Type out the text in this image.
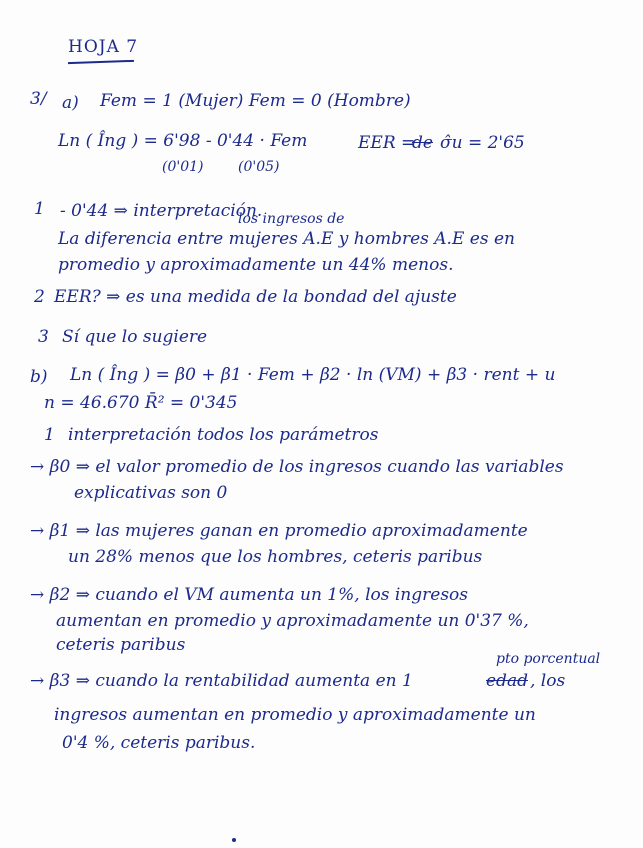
HOJA 7
3/ a) Fem = 1 (Mujer) Fem = 0 (Hombre)
Ln ( Îng ) = 6'98 - 0'44 · Fem
(0'01) (0'05)
EER =
de σ̂u = 2'65
1 - 0'44 ⇒ interpretación.
los ingresos de
La diferencia entre mujeres A.E y hombres A.E es en
promedio y aproximadamente un 44% menos.
2 EER? ⇒ es una medida de la bondad del ajuste
3 Sí que lo sugiere
b) Ln ( Îng ) = β0 + β1 · Fem + β2 · ln (VM) + β3 · rent + u
n = 46.670 R̄² = 0'345
1 interpretación todos los parámetros
→ β0 ⇒ el valor promedio de los ingresos cuando las variables
explicativas son 0
→ β1 ⇒ las mujeres ganan en promedio aproximadamente
un 28% menos que los hombres, ceteris paribus
→ β2 ⇒ cuando el VM aumenta un 1%, los ingresos
aumentan en promedio y aproximadamente un 0'37 %,
ceteris paribus
→ β3 ⇒ cuando la rentabilidad aumenta en 1	edad
pto porcentual
, los
ingresos aumentan en promedio y aproximadamente un
0'4 %, ceteris paribus.
